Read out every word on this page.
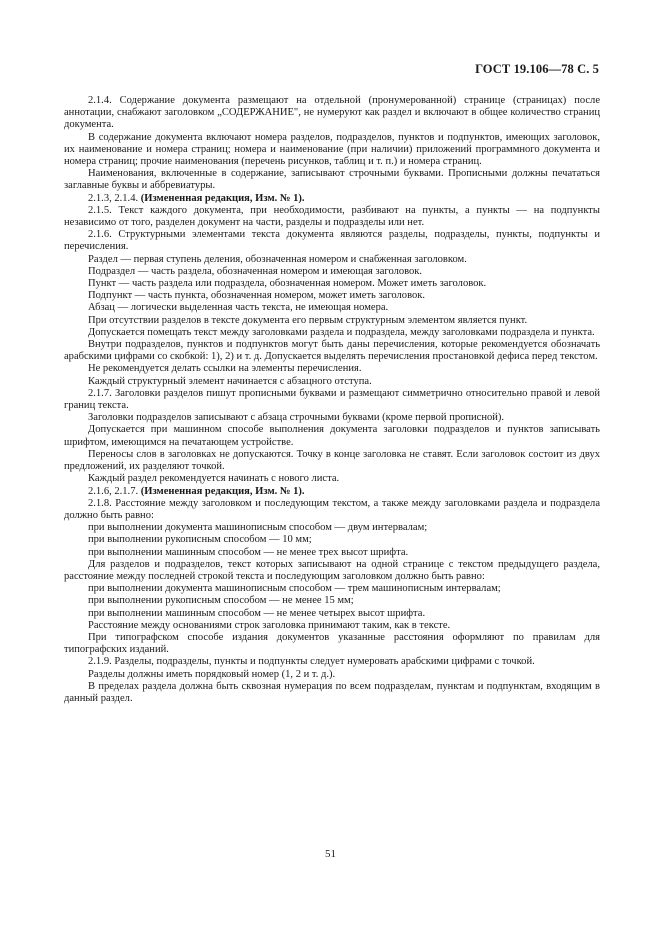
ГОСТ 19.106—78 С. 5

2.1.4. Содержание документа размещают на отдельной (пронумерованной) странице (страницах) после аннотации, снабжают заголовком „СОДЕРЖАНИЕ", не нумеруют как раздел и включают в общее количество страниц документа.

В содержание документа включают номера разделов, подразделов, пунктов и подпунктов, имеющих заголовок, их наименование и номера страниц; номера и наименование (при наличии) приложений программного документа и номера страниц; прочие наименования (перечень рисунков, таблиц и т. п.) и номера страниц.

Наименования, включенные в содержание, записывают строчными буквами. Прописными должны печататься заглавные буквы и аббревиатуры.

2.1.3, 2.1.4. (Измененная редакция, Изм. № 1).

2.1.5. Текст каждого документа, при необходимости, разбивают на пункты, а пункты — на подпункты независимо от того, разделен документ на части, разделы и подразделы или нет.

2.1.6. Структурными элементами текста документа являются разделы, подразделы, пункты, подпункты и перечисления.

Раздел — первая ступень деления, обозначенная номером и снабженная заголовком.

Подраздел — часть раздела, обозначенная номером и имеющая заголовок.

Пункт — часть раздела или подраздела, обозначенная номером. Может иметь заголовок.

Подпункт — часть пункта, обозначенная номером, может иметь заголовок.

Абзац — логически выделенная часть текста, не имеющая номера.

При отсутствии разделов в тексте документа его первым структурным элементом является пункт.

Допускается помещать текст между заголовками раздела и подраздела, между заголовками подраздела и пункта.

Внутри подразделов, пунктов и подпунктов могут быть даны перечисления, которые рекомендуется обозначать арабскими цифрами со скобкой: 1), 2) и т. д. Допускается выделять перечисления простановкой дефиса перед текстом.

Не рекомендуется делать ссылки на элементы перечисления.

Каждый структурный элемент начинается с абзацного отступа.

2.1.7. Заголовки разделов пишут прописными буквами и размещают симметрично относительно правой и левой границ текста.

Заголовки подразделов записывают с абзаца строчными буквами (кроме первой прописной).

Допускается при машинном способе выполнения документа заголовки подразделов и пунктов записывать шрифтом, имеющимся на печатающем устройстве.

Переносы слов в заголовках не допускаются. Точку в конце заголовка не ставят. Если заголовок состоит из двух предложений, их разделяют точкой.

Каждый раздел рекомендуется начинать с нового листа.

2.1.6, 2.1.7. (Измененная редакция, Изм. № 1).

2.1.8. Расстояние между заголовком и последующим текстом, а также между заголовками раздела и подраздела должно быть равно:

при выполнении документа машинописным способом — двум интервалам;

при выполнении рукописным способом — 10 мм;

при выполнении машинным способом — не менее трех высот шрифта.

Для разделов и подразделов, текст которых записывают на одной странице с текстом предыдущего раздела, расстояние между последней строкой текста и последующим заголовком должно быть равно:

при выполнении документа машинописным способом — трем машинописным интервалам;

при выполнении рукописным способом — не менее 15 мм;

при выполнении машинным способом — не менее четырех высот шрифта.

Расстояние между основаниями строк заголовка принимают таким, как в тексте.

При типографском способе издания документов указанные расстояния оформляют по правилам для типографских изданий.

2.1.9. Разделы, подразделы, пункты и подпункты следует нумеровать арабскими цифрами с точкой.

Разделы должны иметь порядковый номер (1, 2 и т. д.).

В пределах раздела должна быть сквозная нумерация по всем подразделам, пунктам и подпунктам, входящим в данный раздел.

51
